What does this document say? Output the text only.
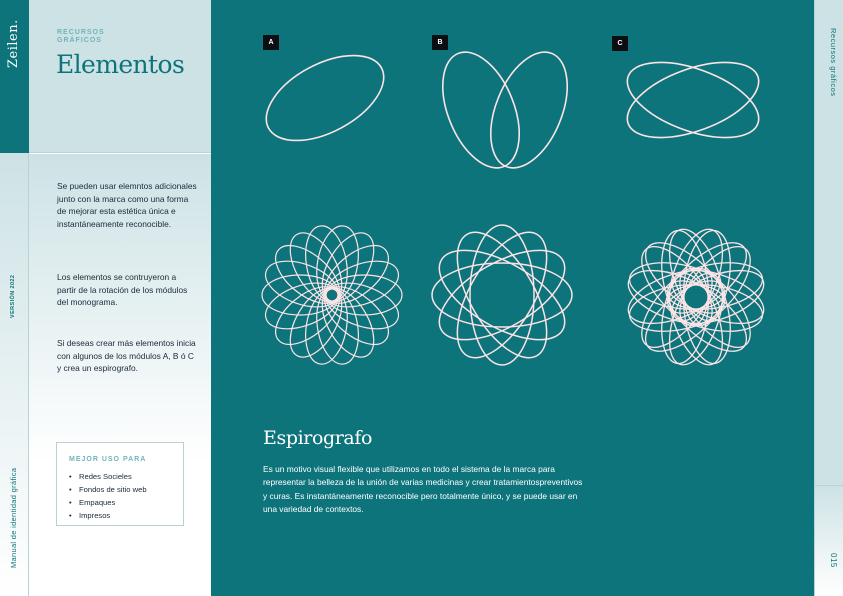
Zeilen.
VERSIÓN 2022
Manual de identidad gráfica
RECURSOS GRÁFICOS
Elementos

Se pueden usar elemntos adicionales junto con la marca como una forma de mejorar esta estética única e instantáneamente reconocible.

Los elementos se contruyeron a partir de la rotación de los módulos del monograma.

Si deseas crear más elementos inicia con algunos de los módulos A, B ó C y crea un espirografo.

MEJOR USO PARA
• Redes Socieles
• Fondos de sitio web
• Empaques
• Impresos
A	B	C
Espirografo

Es un motivo visual flexible que utilizamos en todo el sistema de la marca para representar la belleza de la unión de varias medicinas y crear tratamientospreventivos y curas. Es instantáneamente reconocible pero totalmente único, y se puede usar en una variedad de contextos.

Recursos gráficos
015
